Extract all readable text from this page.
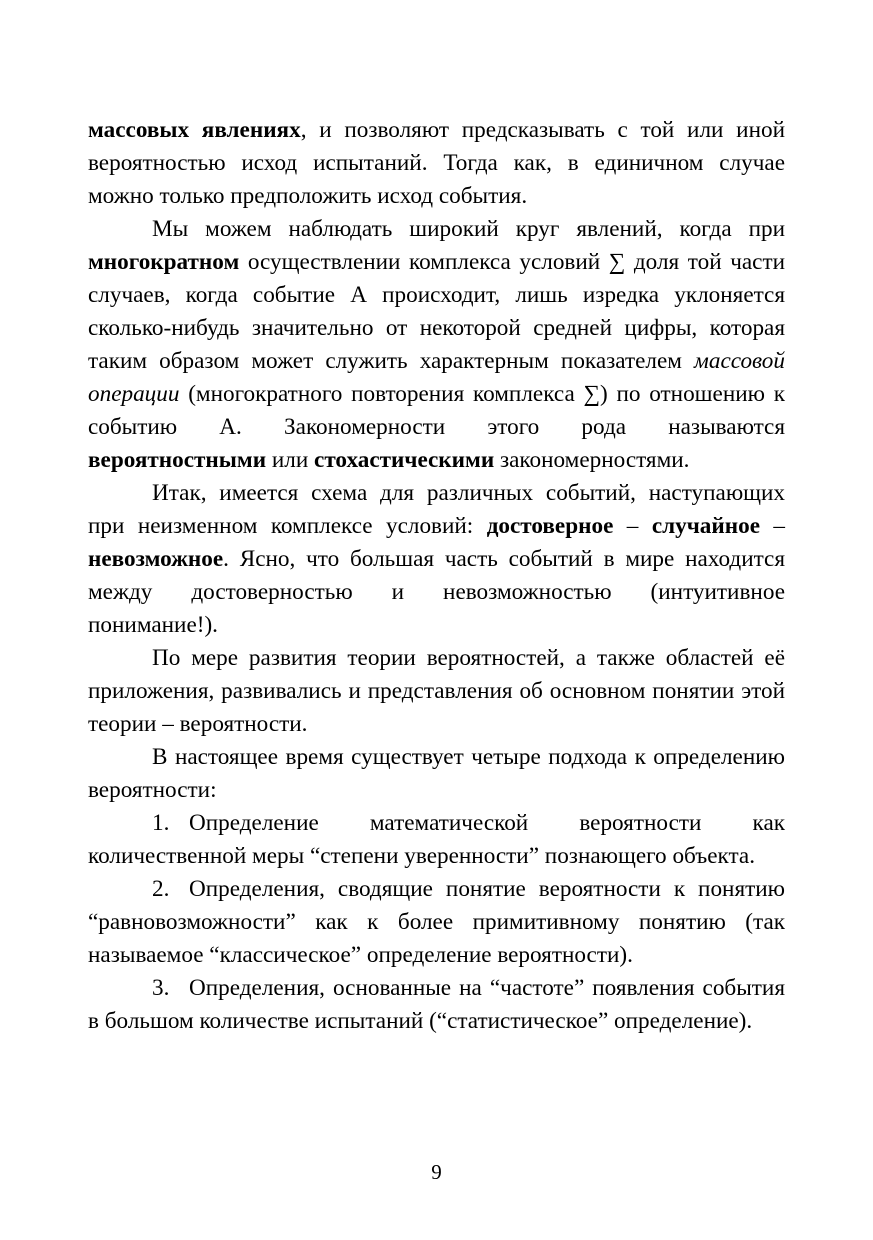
массовых явлениях, и позволяют предсказывать с той или иной вероятностью исход испытаний. Тогда как, в единичном случае можно только предположить исход события.

Мы можем наблюдать широкий круг явлений, когда при многократном осуществлении комплекса условий ∑ доля той части случаев, когда событие А происходит, лишь изредка уклоняется сколько-нибудь значительно от некоторой средней цифры, которая таким образом может служить характерным показателем массовой операции (многократного повторения комплекса ∑) по отношению к событию А. Закономерности этого рода называются вероятностными или стохастическими закономерностями.

Итак, имеется схема для различных событий, наступающих при неизменном комплексе условий: достоверное – случайное – невозможное. Ясно, что большая часть событий в мире находится между достоверностью и невозможностью (интуитивное понимание!).

По мере развития теории вероятностей, а также областей её приложения, развивались и представления об основном понятии этой теории – вероятности.

В настоящее время существует четыре подхода к определению вероятности:

1. Определение математической вероятности как количественной меры “степени уверенности” познающего объекта.

2. Определения, сводящие понятие вероятности к понятию “равновозможности” как к более примитивному понятию (так называемое “классическое” определение вероятности).

3. Определения, основанные на “частоте” появления события в большом количестве испытаний (“статистическое” определение).

9
